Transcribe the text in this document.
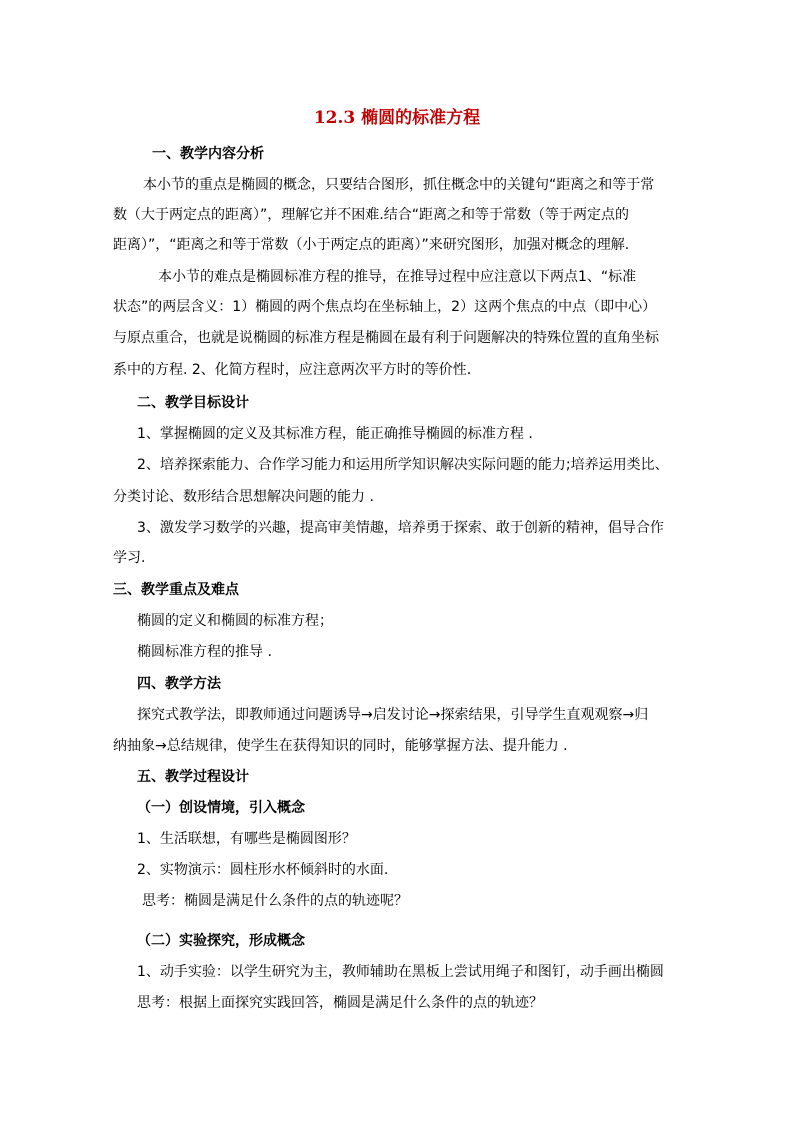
12.3 椭圆的标准方程
一、教学内容分析
本小节的重点是椭圆的概念，只要结合图形，抓住概念中的关键句“距离之和等于常
数（大于两定点的距离）”，理解它并不困难.结合“距离之和等于常数（等于两定点的
距离）”，“距离之和等于常数（小于两定点的距离）”来研究图形，加强对概念的理解.
本小节的难点是椭圆标准方程的推导，在推导过程中应注意以下两点1、“标准
状态”的两层含义：1）椭圆的两个焦点均在坐标轴上，2）这两个焦点的中点（即中心）
与原点重合，也就是说椭圆的标准方程是椭圆在最有利于问题解决的特殊位置的直角坐标
系中的方程. 2、化简方程时，应注意两次平方时的等价性.
二、教学目标设计
1、掌握椭圆的定义及其标准方程，能正确推导椭圆的标准方程 .
2、培养探索能力、合作学习能力和运用所学知识解决实际问题的能力;培养运用类比、
分类讨论、数形结合思想解决问题的能力 .
3、激发学习数学的兴趣，提高审美情趣，培养勇于探索、敢于创新的精神，倡导合作
学习.
三、教学重点及难点
椭圆的定义和椭圆的标准方程；
椭圆标准方程的推导 .
四、教学方法
探究式教学法，即教师通过问题诱导→启发讨论→探索结果，引导学生直观观察→归
纳抽象→总结规律，使学生在获得知识的同时，能够掌握方法、提升能力 .
五、教学过程设计
（一）创设情境，引入概念
1、生活联想，有哪些是椭圆图形？
2、实物演示：圆柱形水杯倾斜时的水面.
思考：椭圆是满足什么条件的点的轨迹呢？
（二）实验探究，形成概念
1、动手实验：以学生研究为主，教师辅助在黑板上尝试用绳子和图钉，动手画出椭圆
思考：根据上面探究实践回答，椭圆是满足什么条件的点的轨迹？
